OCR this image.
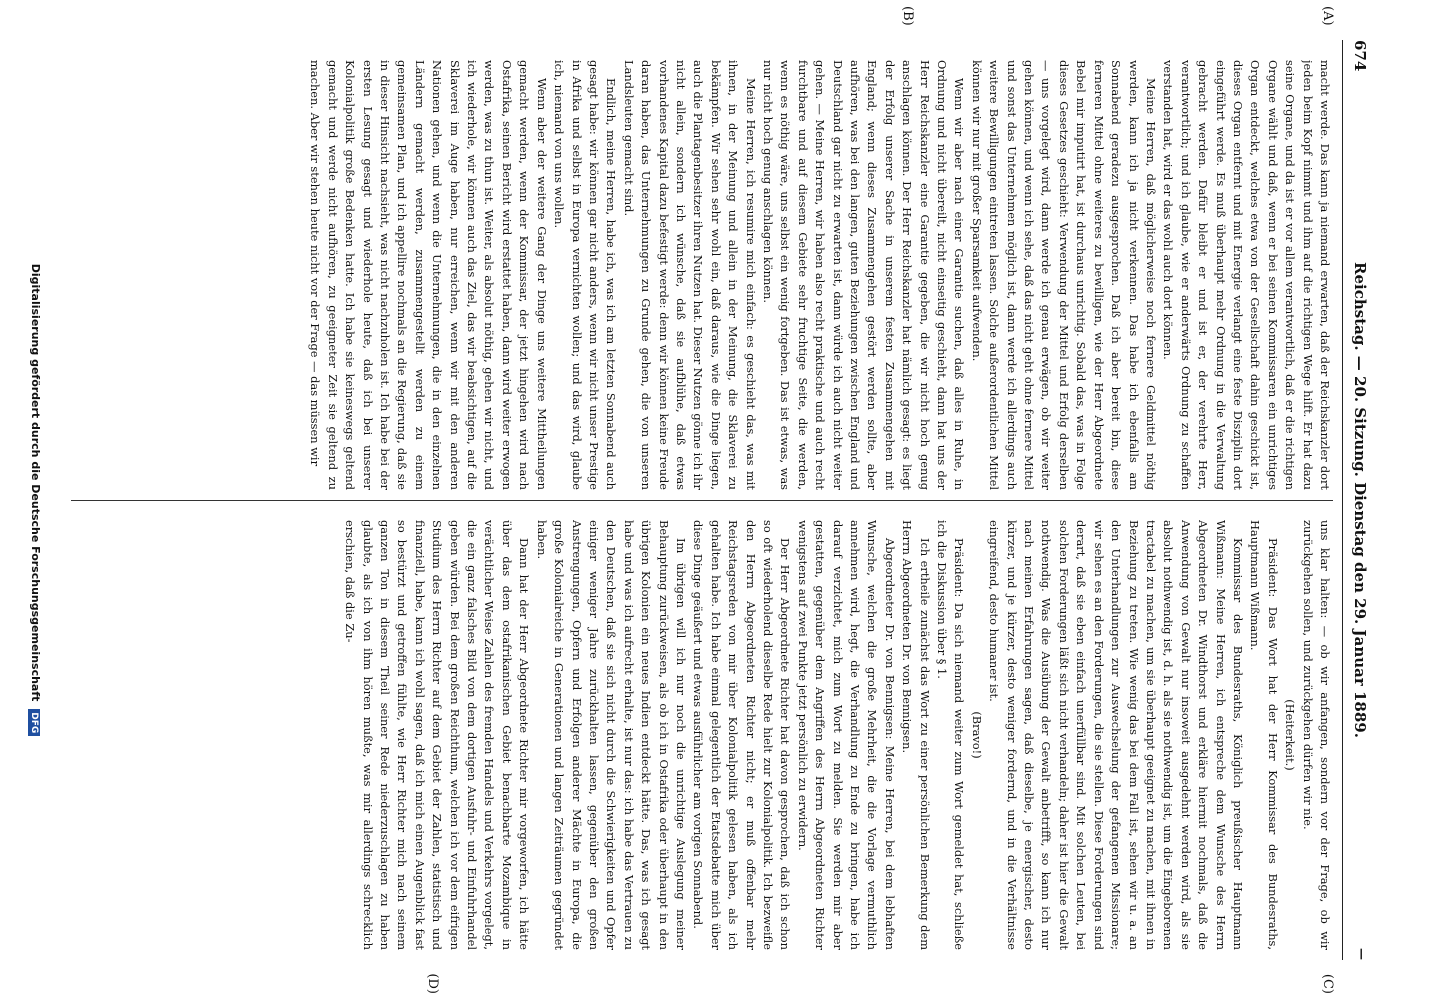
674
Reichstag. — 20. Sitzung. Dienstag den 29. Januar 1889.
—
(A)
(B)
(C)
(D)

macht werde. Das kann ja niemand erwarten, daß der Reichskanzler dort jeden beim Kopf nimmt und ihm auf die richtigen Wege hilft. Er hat dazu seine Organe, und da ist er vor allem verantwortlich, daß er die richtigen Organe wählt und daß, wenn er bei seinen Kommissaren ein unrichtiges Organ entdeckt, welches etwa von der Gesellschaft dahin geschickt ist, dieses Organ entfernt und mit Energie verlangt eine feste Disziplin dort eingeführt werde. Es muß überhaupt mehr Ordnung in die Verwaltung gebracht werden. Dafür bleibt er und ist er, der verehrte Herr, verantwortlich; und ich glaube, wie er anderwärts Ordnung zu schaffen verstanden hat, wird er das wohl auch dort können.

Meine Herren, daß möglicherweise noch fernere Geldmittel nöthig werden, kann ich ja nicht verkennen. Das habe ich ebenfalls am Sonnabend geradezu ausgesprochen. Daß ich aber bereit bin, diese ferneren Mittel ohne weiteres zu bewilligen, wie der Herr Abgeordnete Bebel mir imputirt hat, ist durchaus unrichtig. Sobald das, was in Folge dieses Gesetzes geschieht: Verwendung der Mittel und Erfolg derselben — uns vorgelegt wird, dann werde ich genau erwägen, ob wir weiter gehen können, und wenn ich sehe, daß das nicht geht ohne fernere Mittel und sonst das Unternehmen möglich ist, dann werde ich allerdings auch weitere Bewilligungen eintreten lassen. Solche außerordentlichen Mittel können wir nur mit großer Sparsamkeit aufwenden.

Wenn wir aber nach einer Garantie suchen, daß alles in Ruhe, in Ordnung und nicht übereilt, nicht einseitig geschieht, dann hat uns der Herr Reichskanzler eine Garantie gegeben, die wir nicht hoch genug anschlagen können. Der Herr Reichskanzler hat nämlich gesagt: es liegt der Erfolg unserer Sache in unserem festen Zusammengehen mit England; wenn dieses Zusammengehen gestört werden sollte, aber aufhören, was bei den langen, guten Beziehungen zwischen England und Deutschland gar nicht zu erwarten ist, dann würde ich auch nicht weiter gehen. — Meine Herren, wir haben also recht praktische und auch recht furchtbare und auf diesem Gebiete sehr fruchtige Seite, die werden, wenn es nöthig wäre, uns selbst ein wenig fortgeben. Das ist etwas, was nur nicht hoch genug anschlagen können.

Meine Herren, ich resumire mich einfach: es geschieht das, was mit ihnen, in der Meinung und allein in der Meinung, die Sklaverei zu bekämpfen. Wir sehen sehr wohl ein, daß daraus, wie die Dinge liegen, auch die Plantagenbesitzer ihren Nutzen hat. Dieser Nutzen gönne ich ihr nicht allein, sondern ich wünsche, daß sie aufblühe, daß etwas vorhandenes Kapital dazu befestigt werde: denn wir können keine Freude daran haben, das Unternehmungen zu Grunde gehen, die von unseren Landsleuten gemacht sind.

Endlich, meine Herren, habe ich, was ich am letzten Sonnabend auch gesagt habe: wir können gar nicht anders, wenn wir nicht unser Prestige in Afrika und selbst in Europa vernichten wollen; und das wird, glaube ich, niemand von uns wollen.

Wenn aber der weitere Gang der Dinge uns weitere Mittheilungen gemacht werden, wenn der Kommissar, der jetzt hingehen wird nach Ostafrika, seinen Bericht wird erstattet haben, dann wird weiter erwogen werden, was zu thun ist. Weiter, als absolut nöthig, gehen wir nicht, und ich wiederhole, wir können auch das Ziel, das wir beabsichtigen, auf die Sklaverei im Auge haben, nur erreichen, wenn wir mit den anderen Nationen gehen, und wenn die Unternehmungen, die in den einzelnen Ländern gemacht werden, zusammengestellt werden zu einem gemeinsamen Plan, und ich appellire nochmals an die Regierung, daß sie in dieser Hinsicht nachsieht, was nicht nachzuholen ist. Ich habe bei der ersten Lesung gesagt und wiederhole heute, daß ich bei unserer Kolonialpolitik große Bedenken hatte. Ich habe sie keineswegs geltend gemacht und werde nicht aufhören, zu geeigneter Zeit sie geltend zu machen. Aber wir stehen heute nicht vor der Frage — das müssen wir

uns klar halten: — ob wir anfangen, sondern vor der Frage, ob wir zurückgehen sollen, und zurückgehen dürfen wir nie.

(Heiterkeit.)

Präsident: Das Wort hat der Herr Kommissar des Bundesraths, Hauptmann Wißmann.

Kommissar des Bundesraths, Königlich preußischer Hauptmann Wißmann: Meine Herren, ich entspreche dem Wunsche des Herrn Abgeordneten Dr. Windthorst und erkläre hiermit nochmals, daß die Anwendung von Gewalt nur insoweit ausgedehnt werden wird, als sie absolut nothwendig ist, d. h. als sie nothwendig ist, um die Eingeborenen tractabel zu machen, um sie überhaupt geeignet zu machen, mit ihnen in Beziehung zu treten. Wie wenig das bei dem Fall ist, sehen wir u. a. an den Unterhandlungen zur Auswechselung der gefangenen Missionare; wir sehen es an den Forderungen, die sie stellen. Diese Forderungen sind derart, daß sie eben einfach unerfüllbar sind. Mit solchen Leuten, bei solchen Forderungen läßt sich nicht verhandeln; daher ist hier die Gewalt nothwendig. Was die Ausübung der Gewalt anbetrifft, so kann ich nur nach meinen Erfahrungen sagen, daß dieselbe, je energischer, desto kürzer, und je kürzer, desto weniger fordernd, und in die Verhältnisse eingreifend, desto humaner ist.

(Bravo!)

Präsident: Da sich niemand weiter zum Wort gemeldet hat, schließe ich die Diskussion über § 1.

Ich ertheile zunächst das Wort zu einer persönlichen Bemerkung dem Herrn Abgeordneten Dr. von Bennigsen.

Abgeordneter Dr. von Bennigsen: Meine Herren, bei dem lebhaften Wunsche, welchen die große Mehrheit, die die Vorlage vermuthlich annehmen wird, hegt, die Verhandlung zu Ende zu bringen, habe ich darauf verzichtet, mich zum Wort zu melden. Sie werden mir aber gestatten, gegenüber dem Angriffen des Herrn Abgeordneten Richter wenigstens auf zwei Punkte jetzt persönlich zu erwidern.

Der Herr Abgeordnete Richter hat davon gesprochen, daß ich schon so oft wiederholend dieselbe Rede hielt zur Kolonialpolitik. Ich bezweifle den Herrn Abgeordneten Richter nicht; er muß offenbar mehr Reichstagsreden von mir über Kolonialpolitik gelesen haben, als ich gehalten habe. Ich habe einmal gelegentlich der Etatsdebatte mich über diese Dinge geäußert und etwas ausführlicher am vorigen Sonnabend.

Im übrigen will ich nur noch die unrichtige Auslegung meiner Behauptung zurückweisen, als ob ich in Ostafrika oder überhaupt in den übrigen Kolonien ein neues Indien entdeckt hätte. Das, was ich gesagt habe und was ich aufrecht erhalte, ist nur das: ich habe das Vertrauen zu den Deutschen, daß sie sich nicht durch die Schwierigkeiten und Opfer einiger weniger Jahre zurückhalten lassen, gegenüber den großen Anstrengungen, Opfern und Erfolgen anderer Mächte in Europa, die große Kolonialreiche in Generationen und langen Zeiträumen gegründet haben.

Dann hat der Herr Abgeordnete Richter mir vorgeworfen, ich hätte über das dem ostafrikanischen Gebiet benachbarte Mozambique in verächtlicher Weise Zahlen des fremden Handels und Verkehrs vorgelegt, die ein ganz falsches Bild von dem dortigen Ausfuhr- und Einfuhrhandel geben würden. Bei dem großen Reichthum, welchen ich vor dem eifrigen Studium des Herrn Richter auf dem Gebiet der Zahlen, statistisch und finanziell, habe, kann ich wohl sagen, daß ich mich einen Augenblick fast so bestürzt und getroffen fühlte, wie Herr Richter mich nach seinem ganzen Ton in diesem Theil seiner Rede niederzuschlagen zu haben glaubte, als ich von ihm hören mußte, was mir allerdings schrecklich erschien, daß die Zu-

Digitalisierung gefördert durch die Deutsche Forschungsgemeinschaft DFG
